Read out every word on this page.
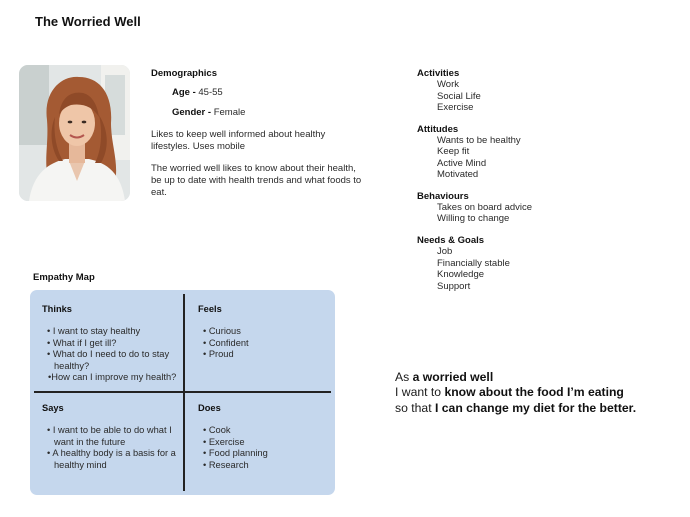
The Worried Well
Demographics
Age - 45-55
Gender - Female

Likes to keep well informed about healthy lifestyles. Uses mobile

The worried well likes to know about their health, be up to date with health trends and what foods to eat.

Activities
Work
Social Life
Exercise
Attitudes
Wants to be healthy
Keep fit
Active Mind
Motivated
Behaviours
Takes on board advice
Willing to change
Needs & Goals
Job
Financially stable
Knowledge
Support
Empathy Map
Thinks
• I want to stay healthy
• What if I get ill?
• What do I need to do to stay healthy?
•How can I improve my health?
Feels
• Curious
• Confident
• Proud
Says
• I want to be able to do what I want in the future
• A healthy body is a basis for a healthy mind
Does
• Cook
• Exercise
• Food planning
• Research
As a worried well
I want to know about the food I’m eating
so that I can change my diet for the better.
